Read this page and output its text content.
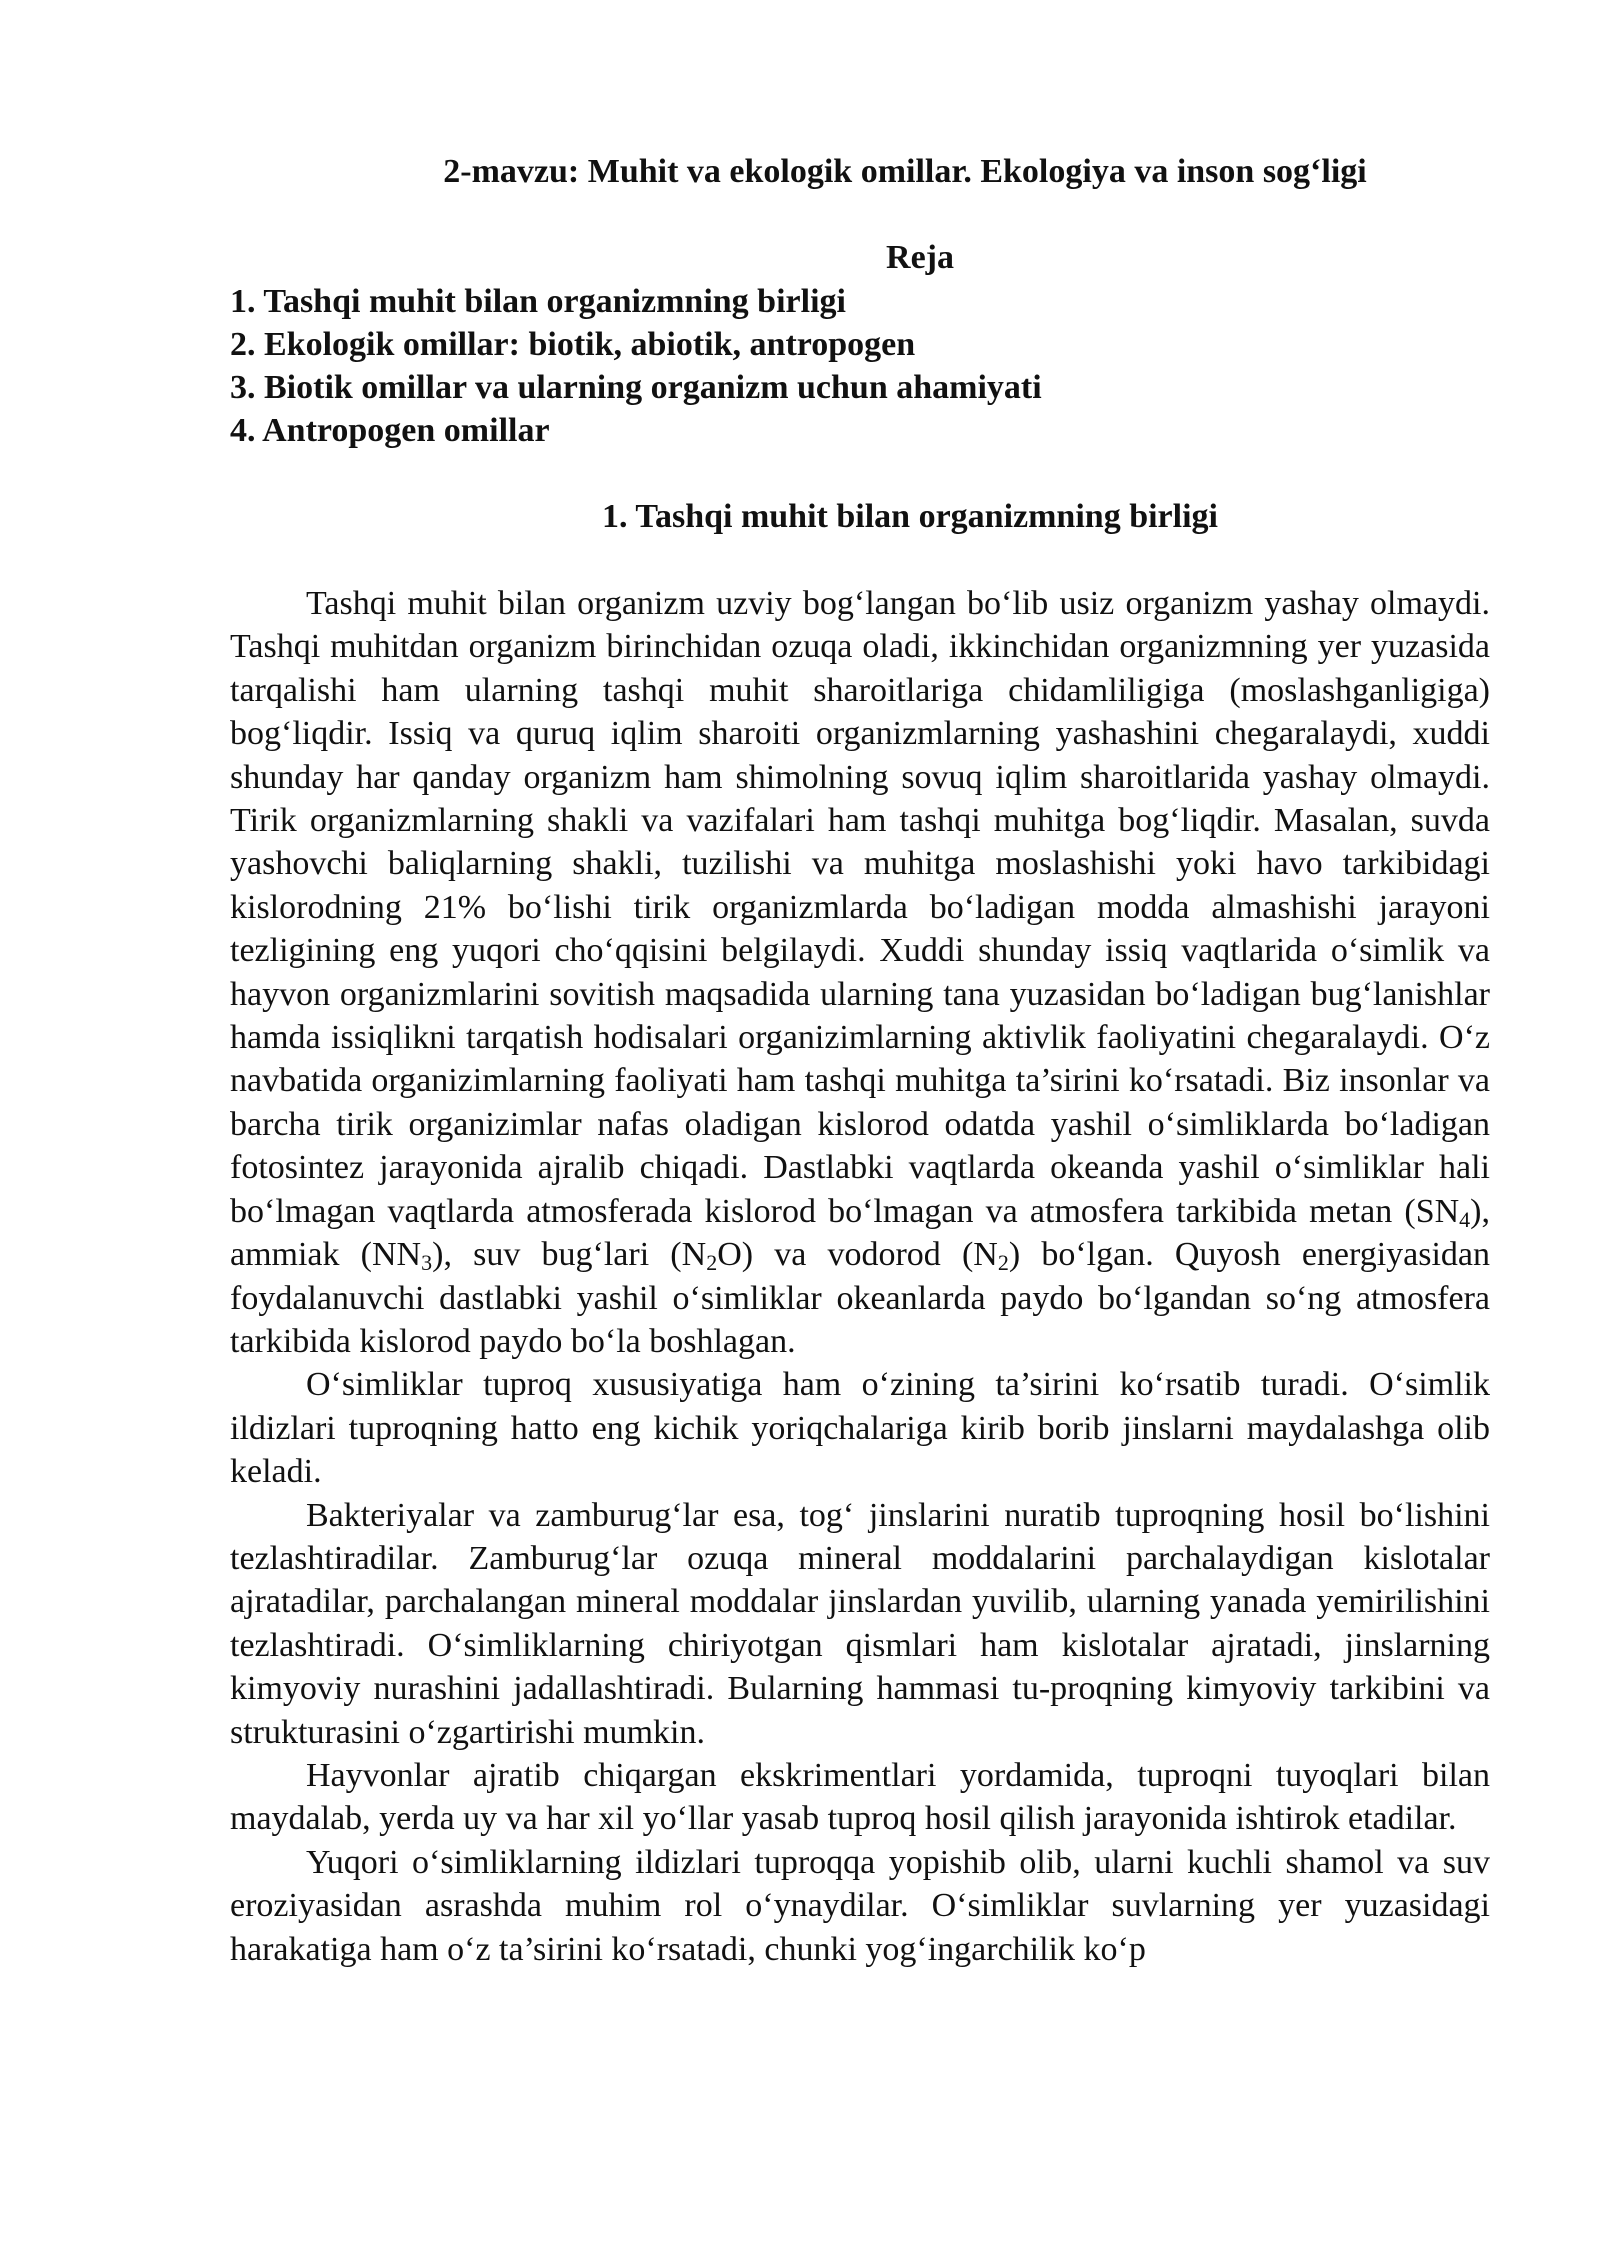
2-mavzu: Muhit va ekologik omillar. Ekologiya va inson sog‘ligi
Reja
1. Tashqi muhit bilan organizmning birligi
2. Ekologik omillar: biotik, abiotik, antropogen
3. Biotik omillar va ularning organizm uchun ahamiyati
4. Antropogen omillar
1. Tashqi muhit bilan organizmning birligi

Tashqi muhit bilan organizm uzviy bog‘langan bo‘lib usiz organizm yashay olmaydi. Tashqi muhitdan organizm birinchidan ozuqa oladi, ikkinchidan organizmning yer yuzasida tarqalishi ham ularning tashqi muhit sharoitlariga chidamliligiga (moslashganligiga) bog‘liqdir. Issiq va quruq iqlim sharoiti organizmlarning yashashini chegaralaydi, xuddi shunday har qanday organizm ham shimolning sovuq iqlim sharoitlarida yashay olmaydi. Tirik organizmlarning shakli va vazifalari ham tashqi muhitga bog‘liqdir. Masalan, suvda yashovchi baliqlarning shakli, tuzilishi va muhitga moslashishi yoki havo tarkibidagi kislorodning 21% bo‘lishi tirik organizmlarda bo‘ladigan modda almashishi jarayoni tezligining eng yuqori cho‘qqisini belgilaydi. Xuddi shunday issiq vaqtlarida o‘simlik va hayvon organizmlarini sovitish maqsadida ularning tana yuzasidan bo‘ladigan bug‘lanishlar hamda issiqlikni tarqatish hodisalari organizimlarning aktivlik faoliyatini chegaralaydi. O‘z navbatida organizimlarning faoliyati ham tashqi muhitga ta’sirini ko‘rsatadi. Biz insonlar va barcha tirik organizimlar nafas oladigan kislorod odatda yashil o‘simliklarda bo‘ladigan fotosintez jarayonida ajralib chiqadi. Dastlabki vaqtlarda okeanda yashil o‘simliklar hali bo‘lmagan vaqtlarda atmosferada kislorod bo‘lmagan va atmosfera tarkibida metan $(SN_4)$, ammiak $(NN_3)$, suv bug‘lari $(N_2O)$ va vodorod $(N_2)$ bo‘lgan. Quyosh energiyasidan foydalanuvchi dastlabki yashil o‘simliklar okeanlarda paydo bo‘lgandan so‘ng atmosfera tarkibida kislorod paydo bo‘la boshlagan.

O‘simliklar tuproq xususiyatiga ham o‘zining ta’sirini ko‘rsatib turadi. O‘simlik ildizlari tuproqning hatto eng kichik yoriqchalariga kirib borib jinslarni maydalashga olib keladi.

Bakteriyalar va zamburug‘lar esa, tog‘ jinslarini nuratib tuproqning hosil bo‘lishini tezlashtiradilar. Zamburug‘lar ozuqa mineral moddalarini parchalaydigan kislotalar ajratadilar, parchalangan mineral moddalar jinslardan yuvilib, ularning yanada yemirilishini tezlashtiradi. O‘simliklarning chiriyotgan qismlari ham kislotalar ajratadi, jinslarning kimyoviy nurashini jadallashtiradi. Bularning hammasi tu-proqning kimyoviy tarkibini va strukturasini o‘zgartirishi mumkin.

Hayvonlar ajratib chiqargan ekskrimentlari yordamida, tuproqni tuyoqlari bilan maydalab, yerda uy va har xil yo‘llar yasab tuproq hosil qilish jarayonida ishtirok etadilar.

Yuqori o‘simliklarning ildizlari tuproqqa yopishib olib, ularni kuchli shamol va suv eroziyasidan asrashda muhim rol o‘ynaydilar. O‘simliklar suvlarning yer yuzasidagi harakatiga ham o‘z ta’sirini ko‘rsatadi, chunki yog‘ingarchilik ko‘p
